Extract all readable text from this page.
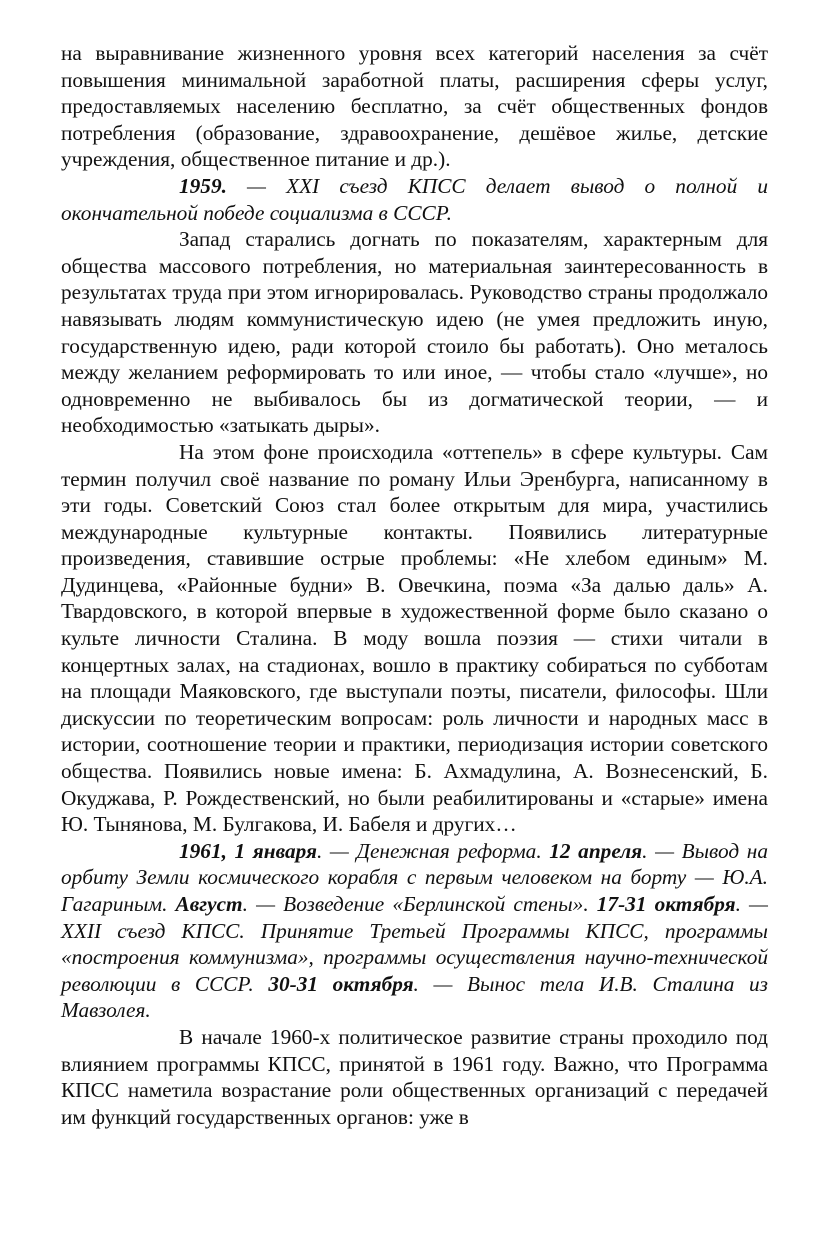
на выравнивание жизненного уровня всех категорий населения за счёт повышения минимальной заработной платы, расширения сферы услуг, предоставляемых населению бесплатно, за счёт общественных фондов потребления (образование, здравоохранение, дешёвое жилье, детские учреждения, общественное питание и др.).

1959. — XXI съезд КПСС делает вывод о полной и окончательной победе социализма в СССР.

Запад старались догнать по показателям, характерным для общества массового потребления, но материальная заинтересованность в результатах труда при этом игнорировалась. Руководство страны продолжало навязывать людям коммунистическую идею (не умея предложить иную, государственную идею, ради которой стоило бы работать). Оно металось между желанием реформировать то или иное, — чтобы стало «лучше», но одновременно не выбивалось бы из догматической теории, — и необходимостью «затыкать дыры».

На этом фоне происходила «оттепель» в сфере культуры. Сам термин получил своё название по роману Ильи Эренбурга, написанному в эти годы. Советский Союз стал более открытым для мира, участились международные культурные контакты. Появились литературные произведения, ставившие острые проблемы: «Не хлебом единым» М. Дудинцева, «Районные будни» В. Овечкина, поэма «За далью даль» А. Твардовского, в которой впервые в художественной форме было сказано о культе личности Сталина. В моду вошла поэзия — стихи читали в концертных залах, на стадионах, вошло в практику собираться по субботам на площади Маяковского, где выступали поэты, писатели, философы. Шли дискуссии по теоретическим вопросам: роль личности и народных масс в истории, соотношение теории и практики, периодизация истории советского общества. Появились новые имена: Б. Ахмадулина, А. Вознесенский, Б. Окуджава, Р. Рождественский, но были реабилитированы и «старые» имена Ю. Тынянова, М. Булгакова, И. Бабеля и других…

1961, 1 января. — Денежная реформа. 12 апреля. — Вывод на орбиту Земли космического корабля с первым человеком на борту — Ю.А. Гагариным. Август. — Возведение «Берлинской стены». 17-31 октября. — XXII съезд КПСС. Принятие Третьей Программы КПСС, программы «построения коммунизма», программы осуществления научно-технической революции в СССР. 30-31 октября. — Вынос тела И.В. Сталина из Мавзолея.

В начале 1960-х политическое развитие страны проходило под влиянием программы КПСС, принятой в 1961 году. Важно, что Программа КПСС наметила возрастание роли общественных организаций с передачей им функций государственных органов: уже в
